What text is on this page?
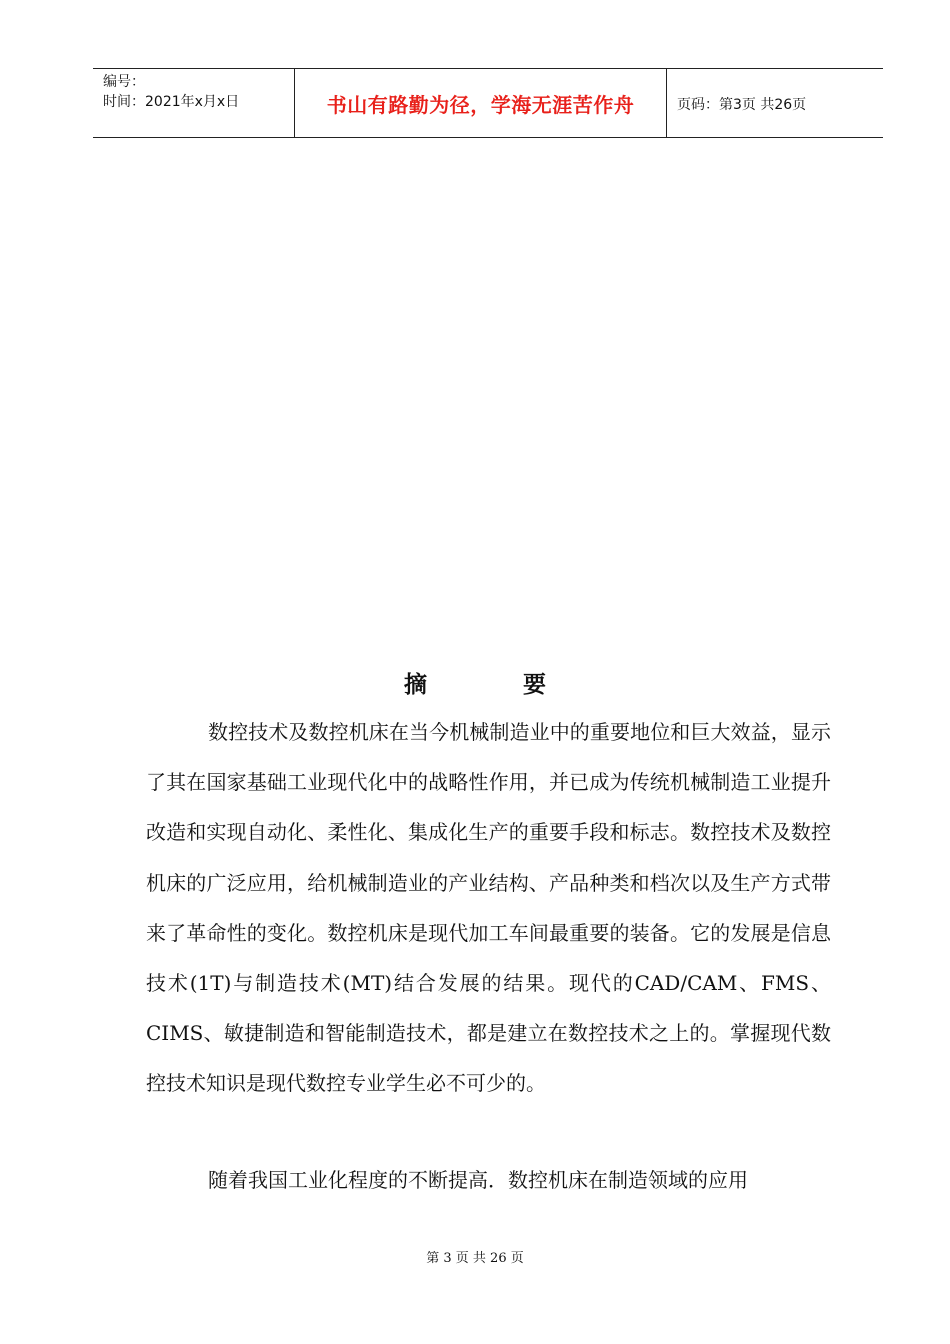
编号：
时间：2021年x月x日	书山有路勤为径，学海无涯苦作舟	页码：第3页 共26页
摘	要
数控技术及数控机床在当今机械制造业中的重要地位和巨大效益，显示了其在国家基础工业现代化中的战略性作用，并已成为传统机械制造工业提升改造和实现自动化、柔性化、集成化生产的重要手段和标志。数控技术及数控机床的广泛应用，给机械制造业的产业结构、产品种类和档次以及生产方式带来了革命性的变化。数控机床是现代加工车间最重要的装备。它的发展是信息技术(1T)与制造技术(MT)结合发展的结果。现代的CAD/CAM、FMS、CIMS、敏捷制造和智能制造技术，都是建立在数控技术之上的。掌握现代数控技术知识是现代数控专业学生必不可少的。
随着我国工业化程度的不断提高．数控机床在制造领域的应用
第 3 页 共 26 页
